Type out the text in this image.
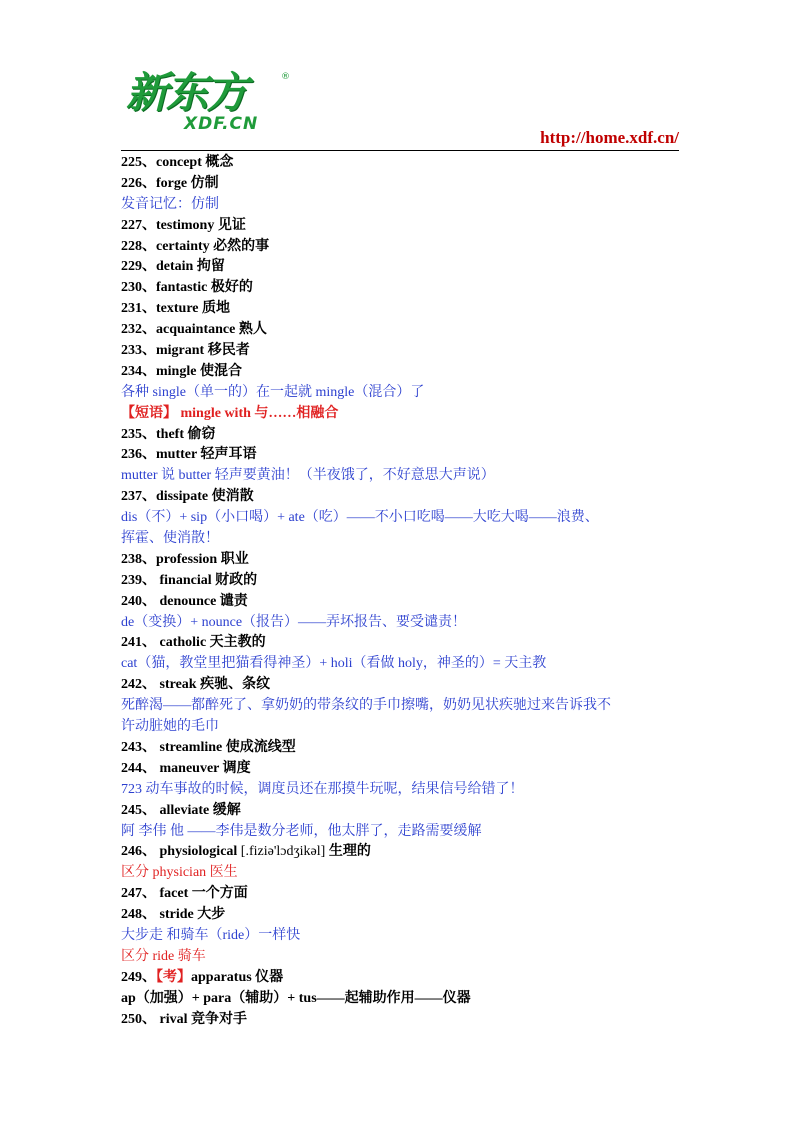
新东方	®
XDF.CN
http://home.xdf.cn/
225、concept 概念
226、forge 仿制
发音记忆：仿制
227、testimony 见证
228、certainty 必然的事
229、detain 拘留
230、fantastic 极好的
231、texture 质地
232、acquaintance 熟人
233、migrant 移民者
234、mingle 使混合
各种 single（单一的）在一起就 mingle（混合）了
【短语】 mingle with 与……相融合
235、theft 偷窃
236、mutter 轻声耳语
mutter 说 butter 轻声要黄油！（半夜饿了，不好意思大声说）
237、dissipate 使消散
dis（不）+ sip（小口喝）+ ate（吃）——不小口吃喝——大吃大喝——浪费、
挥霍、使消散！
238、profession 职业
239、 financial 财政的
240、 denounce 谴责
de（变换）+ nounce（报告）——弄坏报告、要受谴责！
241、 catholic 天主教的
cat（猫，教堂里把猫看得神圣）+ holi（看做 holy，神圣的）= 天主教
242、 streak 疾驰、条纹
死醉渴——都醉死了、拿奶奶的带条纹的手巾擦嘴，奶奶见状疾驰过来告诉我不
许动脏她的毛巾
243、 streamline 使成流线型
244、 maneuver 调度
723 动车事故的时候，调度员还在那摸牛玩呢，结果信号给错了！
245、 alleviate 缓解
阿 李伟 他 ——李伟是数分老师，他太胖了，走路需要缓解
246、 physiological [.fiziə'lɔdʒikəl] 生理的
区分 physician 医生
247、 facet 一个方面
248、 stride 大步
大步走 和骑车（ride）一样快
区分 ride 骑车
249、【考】apparatus 仪器
ap（加强）+ para（辅助）+ tus——起辅助作用——仪器
250、 rival 竞争对手
